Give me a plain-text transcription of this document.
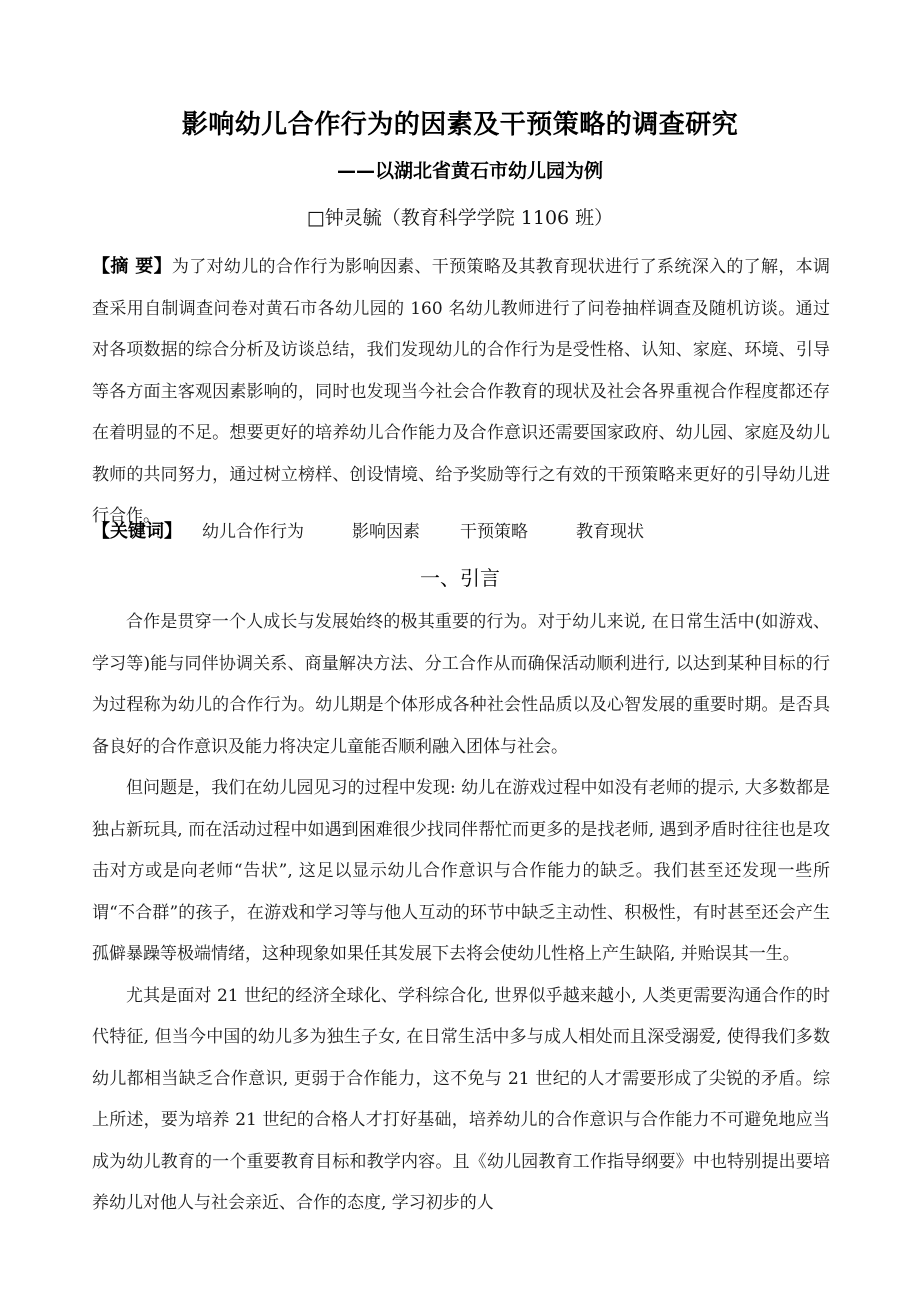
影响幼儿合作行为的因素及干预策略的调查研究
——以湖北省黄石市幼儿园为例
□钟灵毓（教育科学学院 1106 班）
【摘 要】为了对幼儿的合作行为影响因素、干预策略及其教育现状进行了系统深入的了解，本调查采用自制调查问卷对黄石市各幼儿园的 160 名幼儿教师进行了问卷抽样调查及随机访谈。通过对各项数据的综合分析及访谈总结，我们发现幼儿的合作行为是受性格、认知、家庭、环境、引导等各方面主客观因素影响的，同时也发现当今社会合作教育的现状及社会各界重视合作程度都还存在着明显的不足。想要更好的培养幼儿合作能力及合作意识还需要国家政府、幼儿园、家庭及幼儿教师的共同努力，通过树立榜样、创设情境、给予奖励等行之有效的干预策略来更好的引导幼儿进行合作。
【关键词】 幼儿合作行为	影响因素 干预策略	教育现状
一、引言

合作是贯穿一个人成长与发展始终的极其重要的行为。对于幼儿来说, 在日常生活中(如游戏、学习等)能与同伴协调关系、商量解决方法、分工合作从而确保活动顺利进行, 以达到某种目标的行为过程称为幼儿的合作行为。幼儿期是个体形成各种社会性品质以及心智发展的重要时期。是否具备良好的合作意识及能力将决定儿童能否顺利融入团体与社会。

但问题是，我们在幼儿园见习的过程中发现: 幼儿在游戏过程中如没有老师的提示, 大多数都是独占新玩具, 而在活动过程中如遇到困难很少找同伴帮忙而更多的是找老师, 遇到矛盾时往往也是攻击对方或是向老师“告状”, 这足以显示幼儿合作意识与合作能力的缺乏。我们甚至还发现一些所谓“不合群”的孩子，在游戏和学习等与他人互动的环节中缺乏主动性、积极性，有时甚至还会产生孤僻暴躁等极端情绪，这种现象如果任其发展下去将会使幼儿性格上产生缺陷, 并贻误其一生。

尤其是面对 21 世纪的经济全球化、学科综合化, 世界似乎越来越小, 人类更需要沟通合作的时代特征, 但当今中国的幼儿多为独生子女, 在日常生活中多与成人相处而且深受溺爱, 使得我们多数幼儿都相当缺乏合作意识, 更弱于合作能力，这不免与 21 世纪的人才需要形成了尖锐的矛盾。综上所述，要为培养 21 世纪的合格人才打好基础，培养幼儿的合作意识与合作能力不可避免地应当成为幼儿教育的一个重要教育目标和教学内容。且《幼儿园教育工作指导纲要》中也特别提出要培养幼儿对他人与社会亲近、合作的态度, 学习初步的人
